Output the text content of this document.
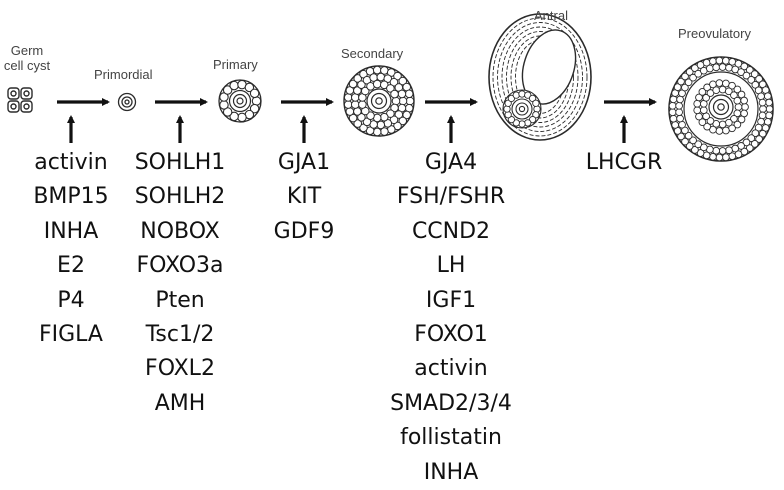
Germ
cell cyst
Primordial
Primary
Secondary
Antral
Preovulatory
activin
BMP15
INHA
E2
P4
FIGLA
SOHLH1
SOHLH2
NOBOX
FOXO3a
Pten
Tsc1/2
FOXL2
AMH
GJA1
KIT
GDF9
GJA4
FSH/FSHR
CCND2
LH
IGF1
FOXO1
activin
SMAD2/3/4
follistatin
INHA
LHCGR
